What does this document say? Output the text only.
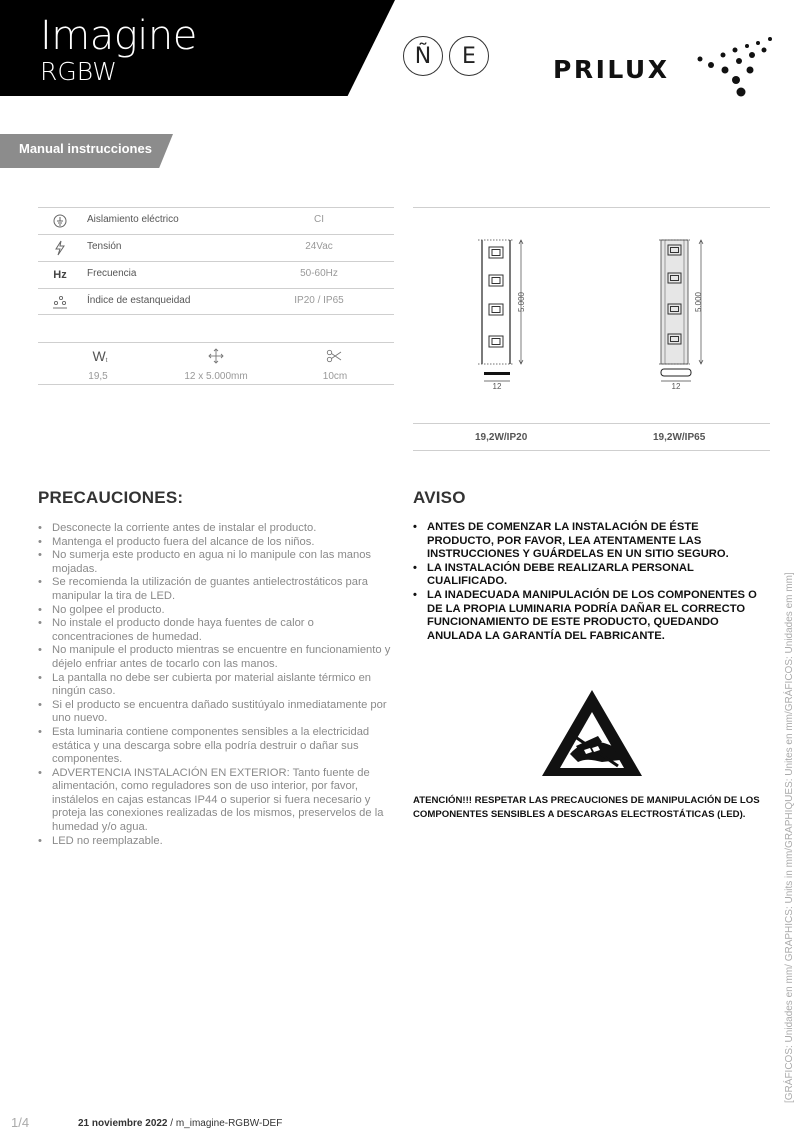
Imagine
RGBW
Ñ	E	PRILUX
Manual instrucciones
Aislamiento eléctrico	CI
Tensión	24Vac
Hz	Frecuencia	50-60Hz
Índice de estanqueidad	IP20 / IP65
W t
19,5	12 x 5.000mm	10cm
5.000
12
5.000
12
19,2W/IP20	19,2W/IP65
PRECAUCIONES:
• Desconecte la corriente antes de instalar el producto.
• Mantenga el producto fuera del alcance de los niños.
• No sumerja este producto en agua ni lo manipule con las manos mojadas.
• Se recomienda la utilización de guantes antielectrostáticos para manipular la tira de LED.
• No golpee el producto.
• No instale el producto donde haya fuentes de calor o concentraciones de humedad.
• No manipule el producto mientras se encuentre en funcionamiento y déjelo enfriar antes de tocarlo con las manos.
• La pantalla no debe ser cubierta por material aislante térmico en ningún caso.
• Si el producto se encuentra dañado sustitúyalo inmediatamente por uno nuevo.
• Esta luminaria contiene componentes sensibles a la electricidad estática y una descarga sobre ella podría destruir o dañar sus componentes.
• ADVERTENCIA INSTALACIÓN EN EXTERIOR: Tanto fuente de alimentación, como reguladores son de uso interior, por favor, instálelos en cajas estancas IP44 o superior si fuera necesario y proteja las conexiones realizadas de los mismos, preservelos de la humedad y/o agua.
• LED no reemplazable.
AVISO
• ANTES DE COMENZAR LA INSTALACIÓN DE ÉSTE PRODUCTO, POR FAVOR, LEA ATENTAMENTE LAS INSTRUCCIONES Y GUÁRDELAS EN UN SITIO SEGURO.
• LA INSTALACIÓN DEBE REALIZARLA PERSONAL CUALIFICADO.
• LA INADECUADA MANIPULACIÓN DE LOS COMPONENTES O DE LA PROPIA LUMINARIA PODRÍA DAÑAR EL CORRECTO FUNCIONAMIENTO DE ESTE PRODUCTO, QUEDANDO ANULADA LA GARANTÍA DEL FABRICANTE.
ATENCIÓN!!! RESPETAR LAS PRECAUCIONES DE MANIPULACIÓN DE LOS COMPONENTES SENSIBLES A DESCARGAS ELECTROSTÁTICAS (LED).	[GRÁFICOS: Unidades en mm/ GRAPHICS: Units in mm/GRAPHIQUES: Unites en mm/GRÁFICOS: Unidades em mm]
1/4	21 noviembre 2022 / m_imagine-RGBW-DEF
